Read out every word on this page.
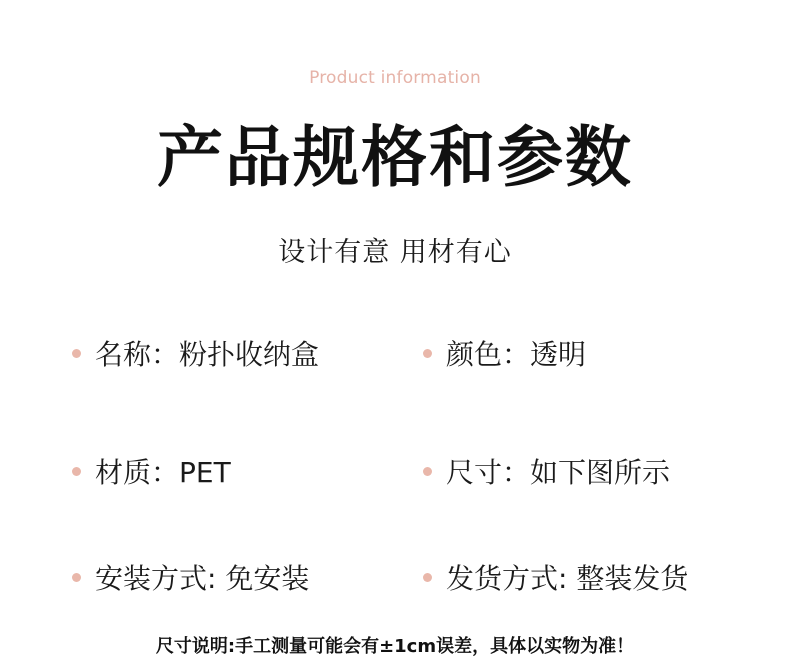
Product information
产品规格和参数
设计有意 用材有心
名称：粉扑收纳盒	颜色：透明
材质：PET	尺寸：如下图所示
安装方式: 免安装	发货方式: 整装发货
尺寸说明:手工测量可能会有±1cm误差，具体以实物为准！
